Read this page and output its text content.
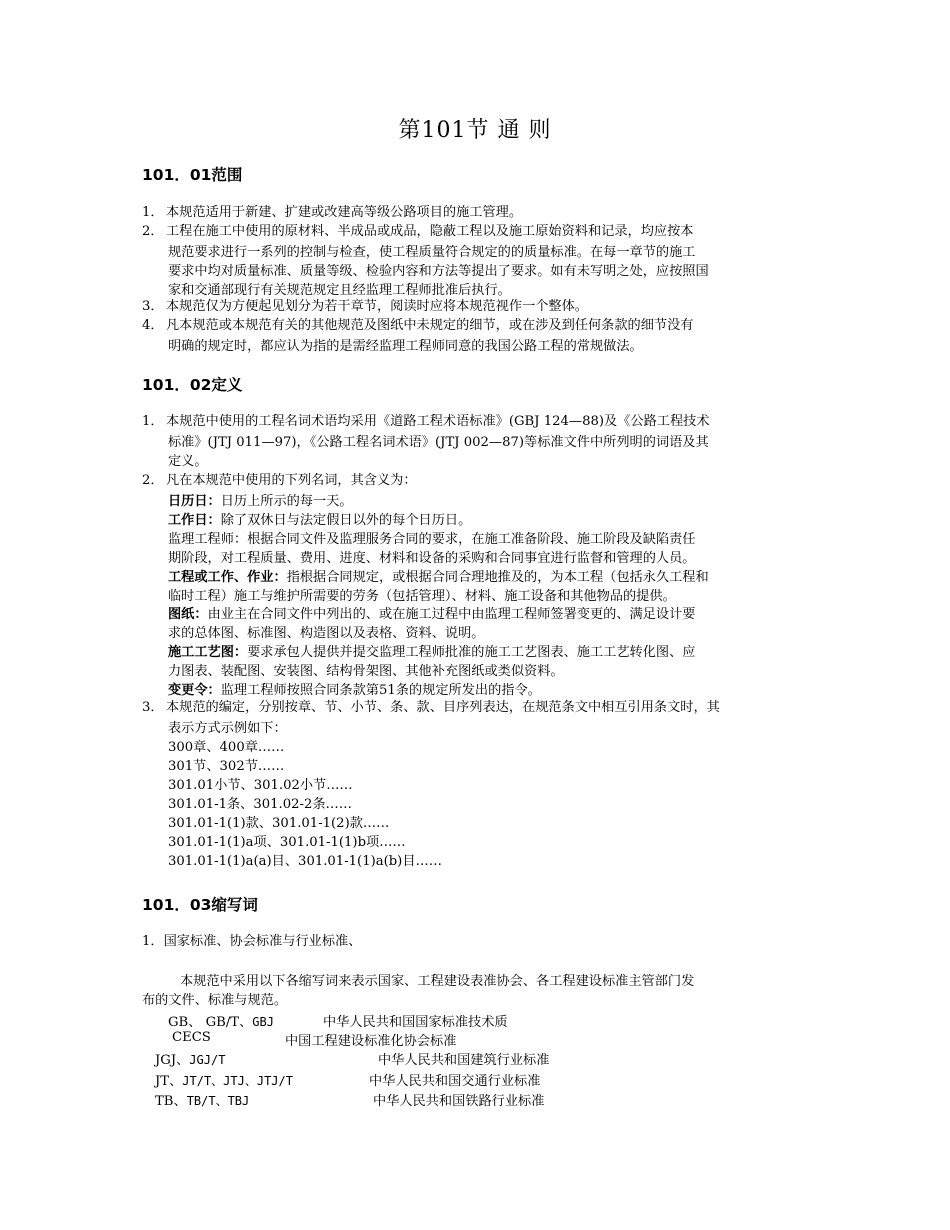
第101节 通 则
101．01范围
1． 本规范适用于新建、扩建或改建高等级公路项目的施工管理。
2． 工程在施工中使用的原材料、半成品或成品，隐蔽工程以及施工原始资料和记录，均应按本
规范要求进行一系列的控制与检查，使工程质量符合规定的的质量标准。在每一章节的施工
要求中均对质量标准、质量等级、检验内容和方法等提出了要求。如有未写明之处，应按照国
家和交通部现行有关规范规定且经监理工程师批准后执行。
3． 本规范仅为方便起见划分为若干章节，阅读时应将本规范视作一个整体。
4． 凡本规范或本规范有关的其他规范及图纸中未规定的细节，或在涉及到任何条款的细节没有
明确的规定时，都应认为指的是需经监理工程师同意的我国公路工程的常规做法。
101．02定义
1． 本规范中使用的工程名词术语均采用《道路工程术语标准》(GBJ 124—88)及《公路工程技术
标准》(JTJ 011—97)，《公路工程名词术语》(JTJ 002—87)等标准文件中所列明的词语及其
定义。
2． 凡在本规范中使用的下列名词，其含义为：
日历日：日历上所示的每一天。
工作日：除了双休日与法定假日以外的每个日历日。
监理工程师：根据合同文件及监理服务合同的要求，在施工准备阶段、施工阶段及缺陷责任
期阶段，对工程质量、费用、进度、材料和设备的采购和合同事宜进行监督和管理的人员。
工程或工作、作业：指根据合同规定，或根据合同合理地推及的，为本工程（包括永久工程和
临时工程）施工与维护所需要的劳务（包括管理）、材料、施工设备和其他物品的提供。
图纸：由业主在合同文件中列出的、或在施工过程中由监理工程师签署变更的、满足设计要
求的总体图、标准图、构造图以及表格、资料、说明。
施工工艺图：要求承包人提供并提交监理工程师批准的施工工艺图表、施工工艺转化图、应
力图表、装配图、安装图、结构骨架图、其他补充图纸或类似资料。
变更令：监理工程师按照合同条款第51条的规定所发出的指令。
3． 本规范的编定，分别按章、节、小节、条、款、目序列表达，在规范条文中相互引用条文时，其
表示方式示例如下：
300章、400章……
301节、302节……
301.01小节、301.02小节……
301.01-1条、301.02-2条……
301.01-1(1)款、301.01-1(2)款……
301.01-1(1)a项、301.01-1(1)b项……
301.01-1(1)a(a)目、301.01-1(1)a(b)目……
101．03缩写词
1．国家标准、协会标准与行业标准、
本规范中采用以下各缩写词来表示国家、工程建设表准协会、各工程建设标准主管部门发
布的文件、标准与规范。
GB、 GB/T、GBJ	中华人民共和国国家标准技术质
CECS	中国工程建设标准化协会标准
JGJ、JGJ/T	中华人民共和国建筑行业标准
JT、JT/T、JTJ、JTJ/T	中华人民共和国交通行业标准
TB、TB/T、TBJ	中华人民共和国铁路行业标准
